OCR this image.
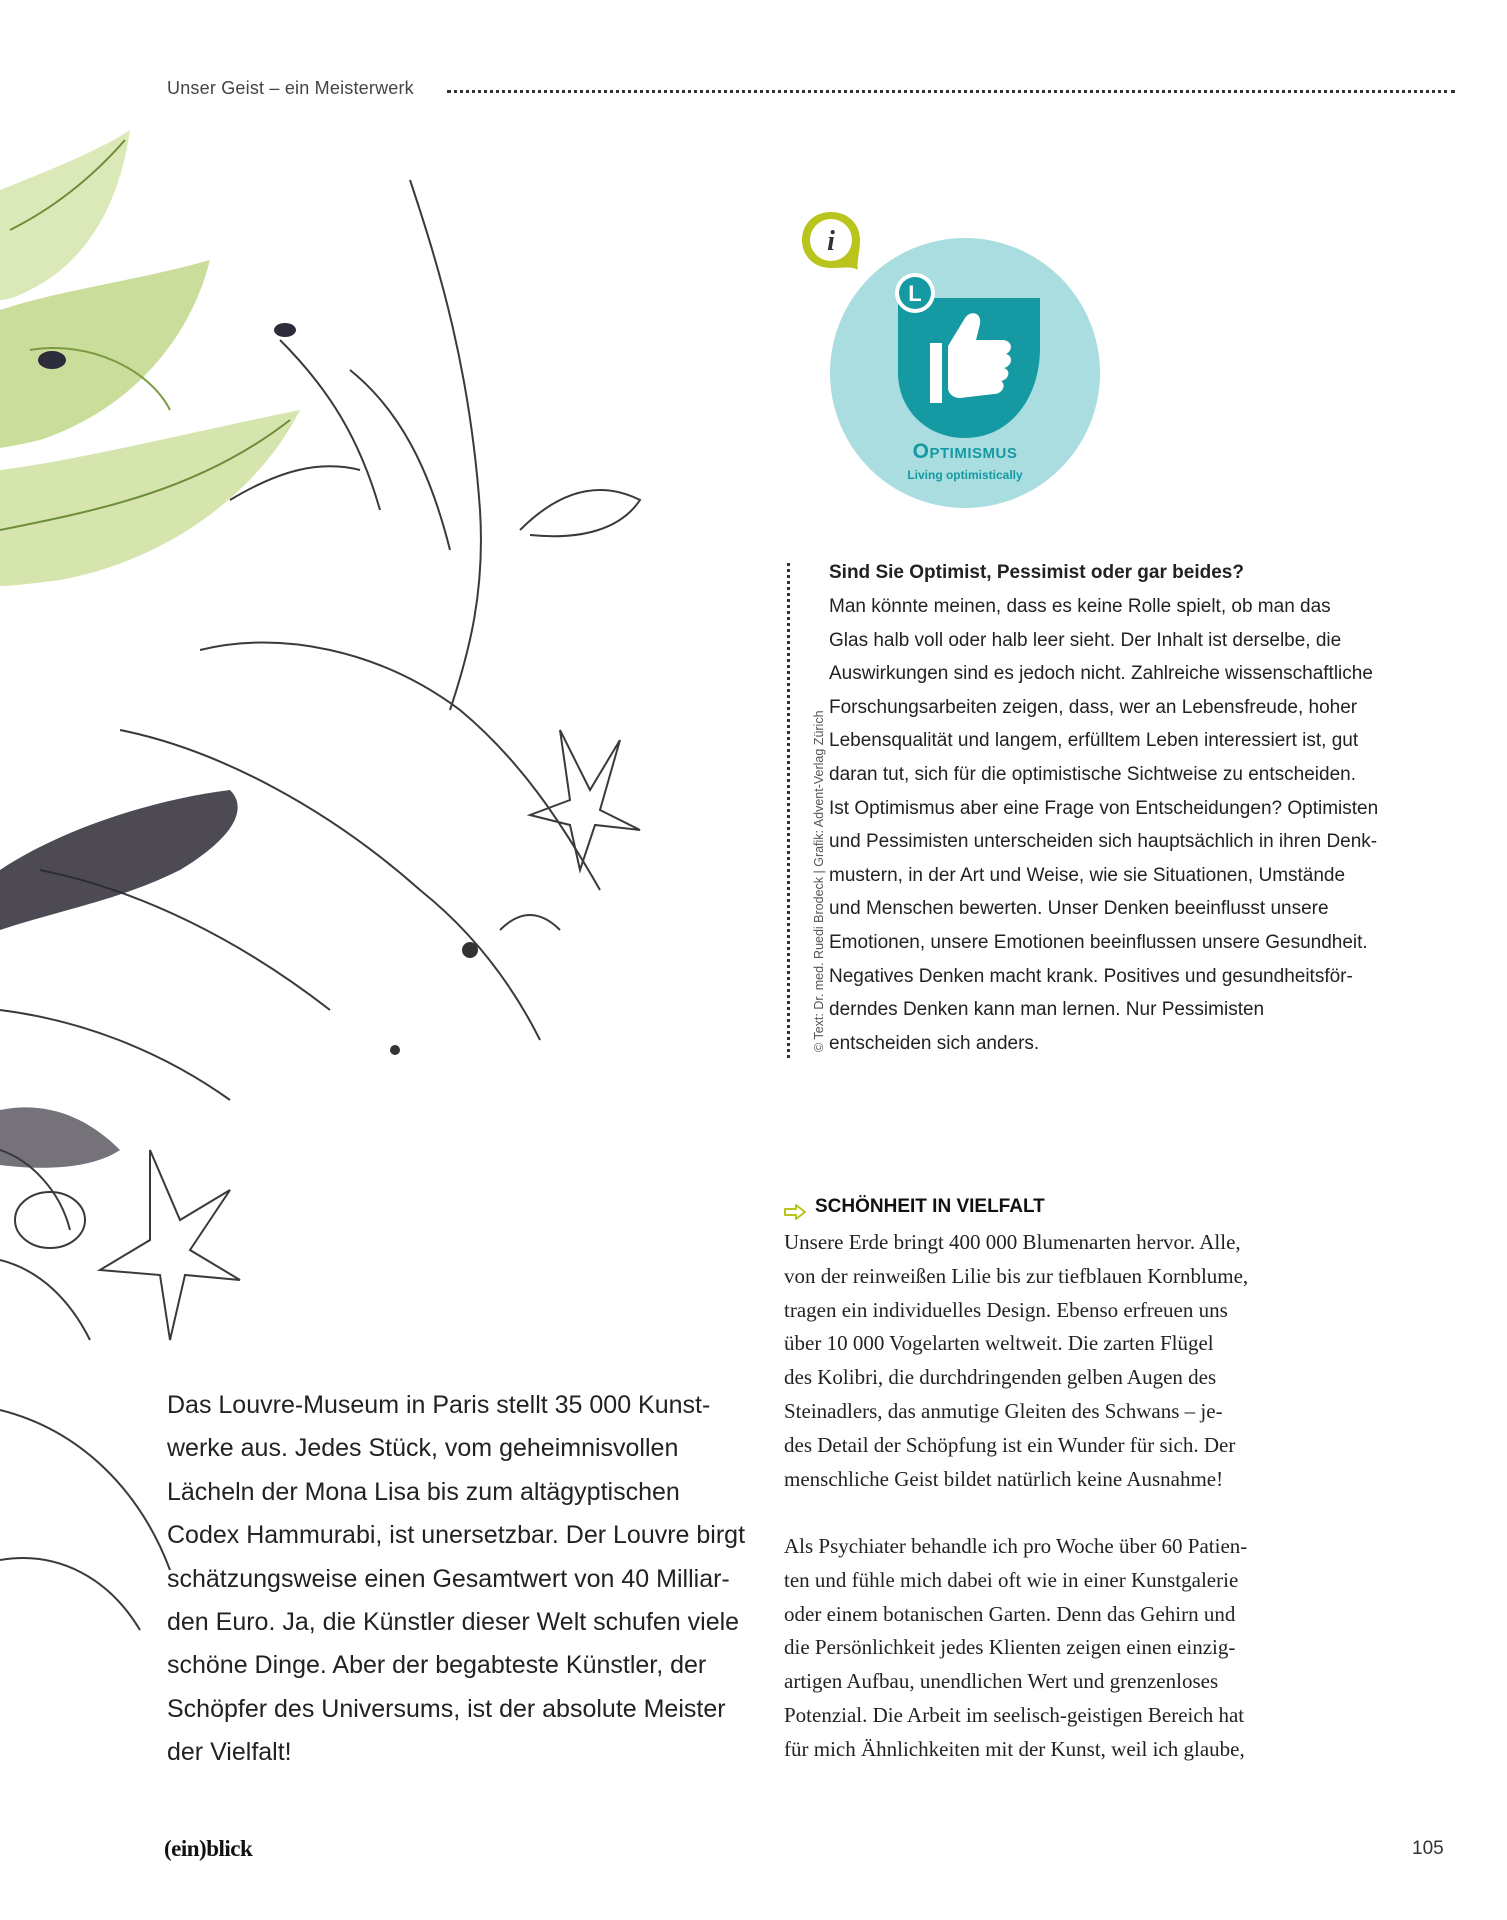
Unser Geist – ein Meisterwerk
i
L
Optimismus
Living optimistically
© Text: Dr. med. Ruedi Brodeck | Grafik: Advent-Verlag Zürich

Sind Sie Optimist, Pessimist oder gar beides?

Man könnte meinen, dass es keine Rolle spielt, ob man das

Glas halb voll oder halb leer sieht. Der Inhalt ist derselbe, die

Auswirkungen sind es jedoch nicht. Zahlreiche wissenschaftliche

Forschungsarbeiten zeigen, dass, wer an Lebensfreude, hoher

Lebensqualität und langem, erfülltem Leben interessiert ist, gut

daran tut, sich für die optimistische Sichtweise zu entscheiden.

Ist Optimismus aber eine Frage von Entscheidungen? Optimisten

und Pessimisten unterscheiden sich hauptsächlich in ihren Denk-

mustern, in der Art und Weise, wie sie Situationen, Umstände

und Menschen bewerten. Unser Denken beeinflusst unsere

Emotionen, unsere Emotionen beeinflussen unsere Gesundheit.

Negatives Denken macht krank. Positives und gesundheitsför-

derndes Denken kann man lernen. Nur Pessimisten

entscheiden sich anders.

SCHÖNHEIT IN VIELFALT

Unsere Erde bringt 400 000 Blumenarten hervor. Alle,

von der reinweißen Lilie bis zur tiefblauen Kornblume,

tragen ein individuelles Design. Ebenso erfreuen uns

über 10 000 Vogelarten weltweit. Die zarten Flügel

des Kolibri, die durchdringenden gelben Augen des

Steinadlers, das anmutige Gleiten des Schwans – je-

des Detail der Schöpfung ist ein Wunder für sich. Der

menschliche Geist bildet natürlich keine Ausnahme!

Als Psychiater behandle ich pro Woche über 60 Patien-

ten und fühle mich dabei oft wie in einer Kunstgalerie

oder einem botanischen Garten. Denn das Gehirn und

die Persönlichkeit jedes Klienten zeigen einen einzig-

artigen Aufbau, unendlichen Wert und grenzenloses

Potenzial. Die Arbeit im seelisch-geistigen Bereich hat

für mich Ähnlichkeiten mit der Kunst, weil ich glaube,

Das Louvre-Museum in Paris stellt 35 000 Kunst-

werke aus. Jedes Stück, vom geheimnisvollen

Lächeln der Mona Lisa bis zum altägyptischen

Codex Hammurabi, ist unersetzbar. Der Louvre birgt

schätzungsweise einen Gesamtwert von 40 Milliar-

den Euro. Ja, die Künstler dieser Welt schufen viele

schöne Dinge. Aber der begabteste Künstler, der

Schöpfer des Universums, ist der absolute Meister

der Vielfalt!

(ein)blick	105
